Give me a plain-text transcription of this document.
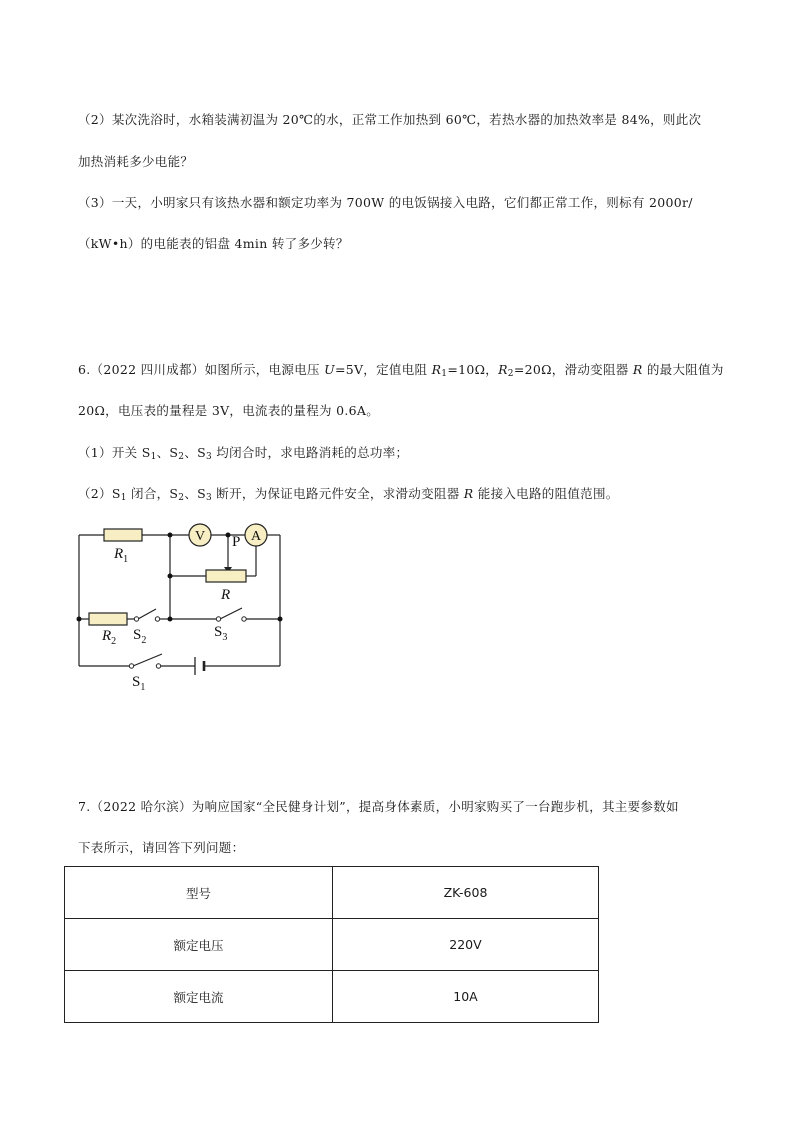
（2）某次洗浴时，水箱装满初温为 20℃的水，正常工作加热到 60℃，若热水器的加热效率是 84%，则此次
加热消耗多少电能？
（3）一天，小明家只有该热水器和额定功率为 700W 的电饭锅接入电路，它们都正常工作，则标有 2000r/
（kW•h）的电能表的铝盘 4min 转了多少转？
6.（2022 四川成都）如图所示，电源电压 U=5V，定值电阻 $R_1=10\Omega$，$R_2=20\Omega$，滑动变阻器 R 的最大阻值为
20Ω，电压表的量程是 3V，电流表的量程为 0.6A。
（1）开关 $S_1$、$S_2$、$S_3$ 均闭合时，求电路消耗的总功率；
$(2)S_1$ 闭合，$S_2$、$S_3$ 断开，为保证电路元件安全，求滑动变阻器 R 能接入电路的阻值范围。
V	A
$R_1$
P
R
$R_2$ $S_2$
$S_3$
$S_1$
7.（2022 哈尔滨）为响应国家“全民健身计划”，提高身体素质，小明家购买了一台跑步机，其主要参数如
下表所示，请回答下列问题：
型号	ZK-608
额定电压	220V
额定电流	10A
